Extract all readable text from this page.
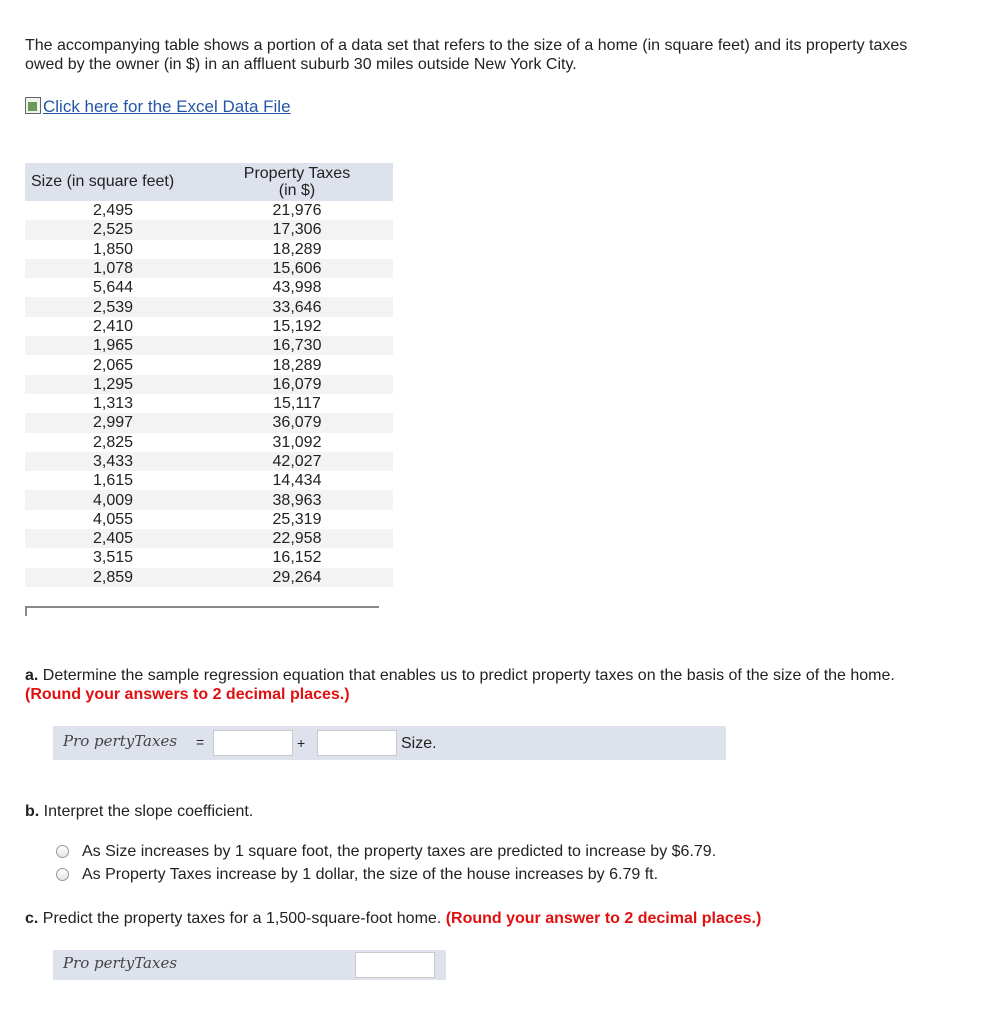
The accompanying table shows a portion of a data set that refers to the size of a home (in square feet) and its property taxes owed by the owner (in $) in an affluent suburb 30 miles outside New York City.
Click here for the Excel Data File
Size (in square feet)	Property Taxes
(in $)

2,495	21,976
2,525	17,306
1,850	18,289
1,078	15,606
5,644	43,998
2,539	33,646
2,410	15,192
1,965	16,730
2,065	18,289
1,295	16,079
1,313	15,117
2,997	36,079
2,825	31,092
3,433	42,027
1,615	14,434
4,009	38,963
4,055	25,319
2,405	22,958
3,515	16,152
2,859	29,264
a. Determine the sample regression equation that enables us to predict property taxes on the basis of the size of the home. (Round your answers to 2 decimal places.)
Pro pertyTaxes =	+	Size.
b. Interpret the slope coefficient.
As Size increases by 1 square foot, the property taxes are predicted to increase by $6.79.
As Property Taxes increase by 1 dollar, the size of the house increases by 6.79 ft.
c. Predict the property taxes for a 1,500-square-foot home. (Round your answer to 2 decimal places.)
Pro pertyTaxes
